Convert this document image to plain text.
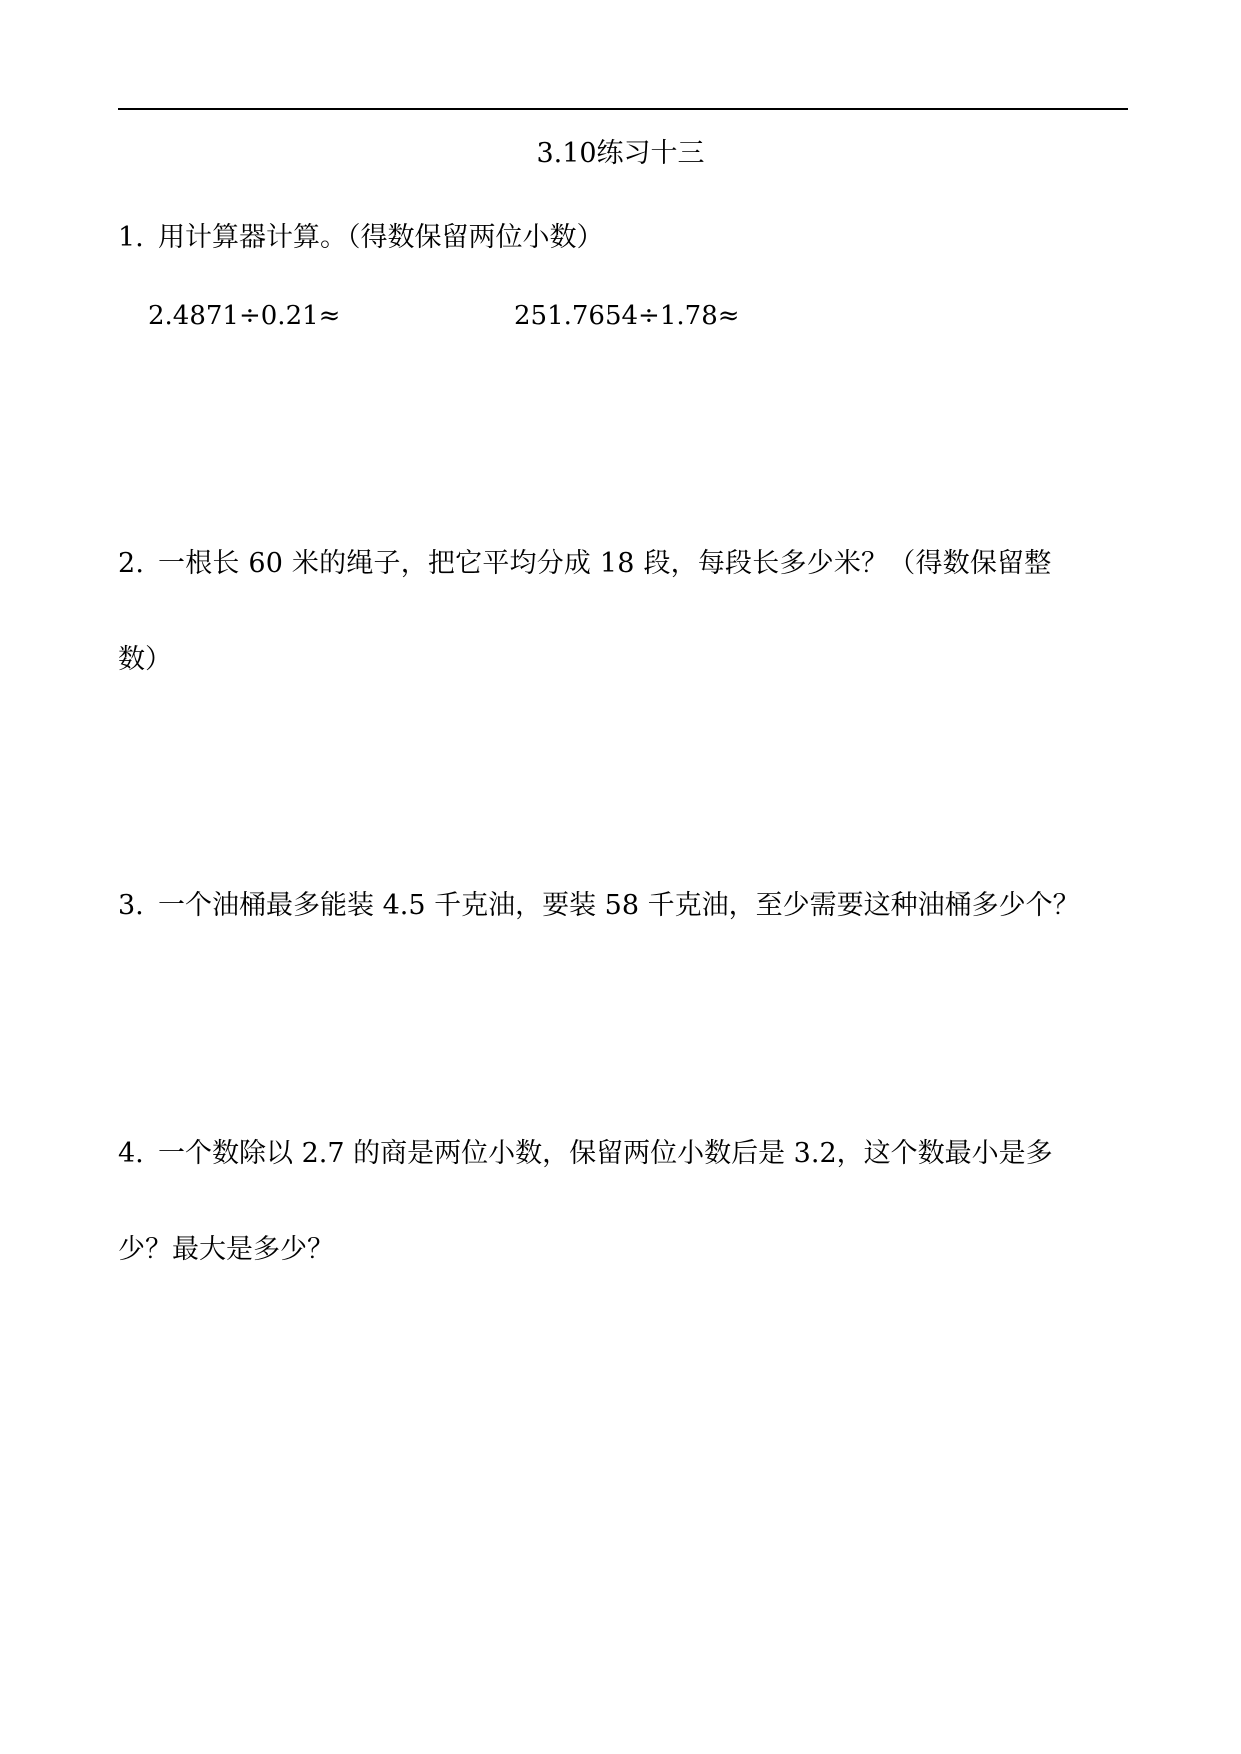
3.10练习十三
1. 用计算器计算。（得数保留两位小数）
2.4871÷0.21≈	251.7654÷1.78≈
2. 一根长 60 米的绳子，把它平均分成 18 段，每段长多少米？（得数保留整
数）
3. 一个油桶最多能装 4.5 千克油，要装 58 千克油，至少需要这种油桶多少个？
4. 一个数除以 2.7 的商是两位小数，保留两位小数后是 3.2，这个数最小是多
少？最大是多少？
